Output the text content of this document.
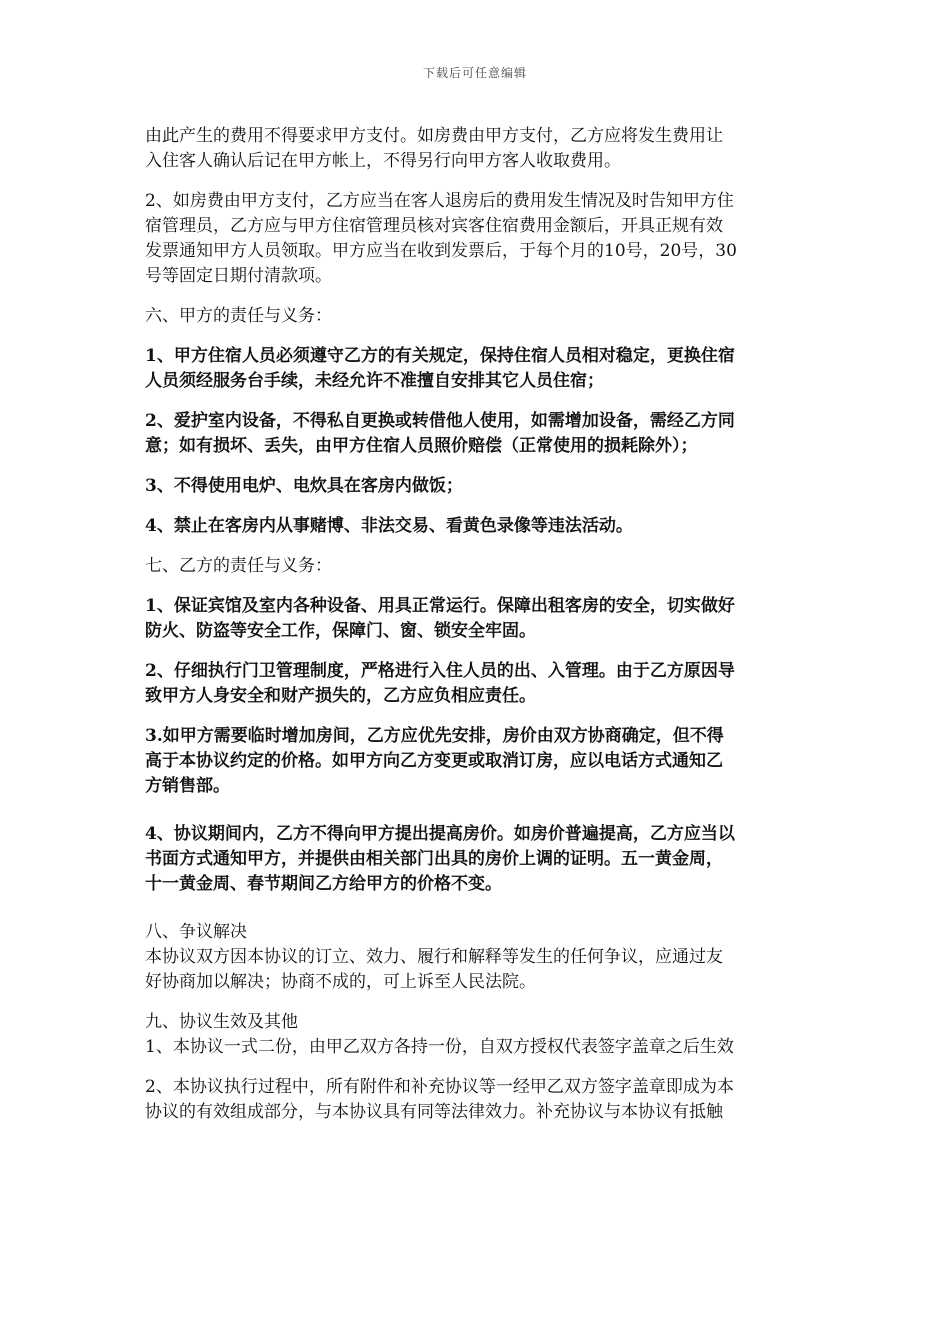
下载后可任意编辑

由此产生的费用不得要求甲方支付。如房费由甲方支付，乙方应将发生费用让
入住客人确认后记在甲方帐上，不得另行向甲方客人收取费用。

2、如房费由甲方支付，乙方应当在客人退房后的费用发生情况及时告知甲方住
宿管理员，乙方应与甲方住宿管理员核对宾客住宿费用金额后，开具正规有效
发票通知甲方人员领取。甲方应当在收到发票后，于每个月的10号，20号，30
号等固定日期付清款项。

六、甲方的责任与义务：

1、甲方住宿人员必须遵守乙方的有关规定，保持住宿人员相对稳定，更换住宿
人员须经服务台手续，未经允许不准擅自安排其它人员住宿；

2、爱护室内设备，不得私自更换或转借他人使用，如需增加设备，需经乙方同
意；如有损坏、丢失，由甲方住宿人员照价赔偿（正常使用的损耗除外）；

3、不得使用电炉、电炊具在客房内做饭；

4、禁止在客房内从事赌博、非法交易、看黄色录像等违法活动。

七、乙方的责任与义务：

1、保证宾馆及室内各种设备、用具正常运行。保障出租客房的安全，切实做好
防火、防盗等安全工作，保障门、窗、锁安全牢固。

2、仔细执行门卫管理制度，严格进行入住人员的出、入管理。由于乙方原因导
致甲方人身安全和财产损失的，乙方应负相应责任。

3.如甲方需要临时增加房间，乙方应优先安排，房价由双方协商确定，但不得
高于本协议约定的价格。如甲方向乙方变更或取消订房，应以电话方式通知乙
方销售部。

4、协议期间内，乙方不得向甲方提出提高房价。如房价普遍提高，乙方应当以
书面方式通知甲方，并提供由相关部门出具的房价上调的证明。五一黄金周，
十一黄金周、春节期间乙方给甲方的价格不变。

八、争议解决
本协议双方因本协议的订立、效力、履行和解释等发生的任何争议，应通过友
好协商加以解决；协商不成的，可上诉至人民法院。

九、协议生效及其他
1、本协议一式二份，由甲乙双方各持一份，自双方授权代表签字盖章之后生效

2、本协议执行过程中，所有附件和补充协议等一经甲乙双方签字盖章即成为本
协议的有效组成部分，与本协议具有同等法律效力。补充协议与本协议有抵触
